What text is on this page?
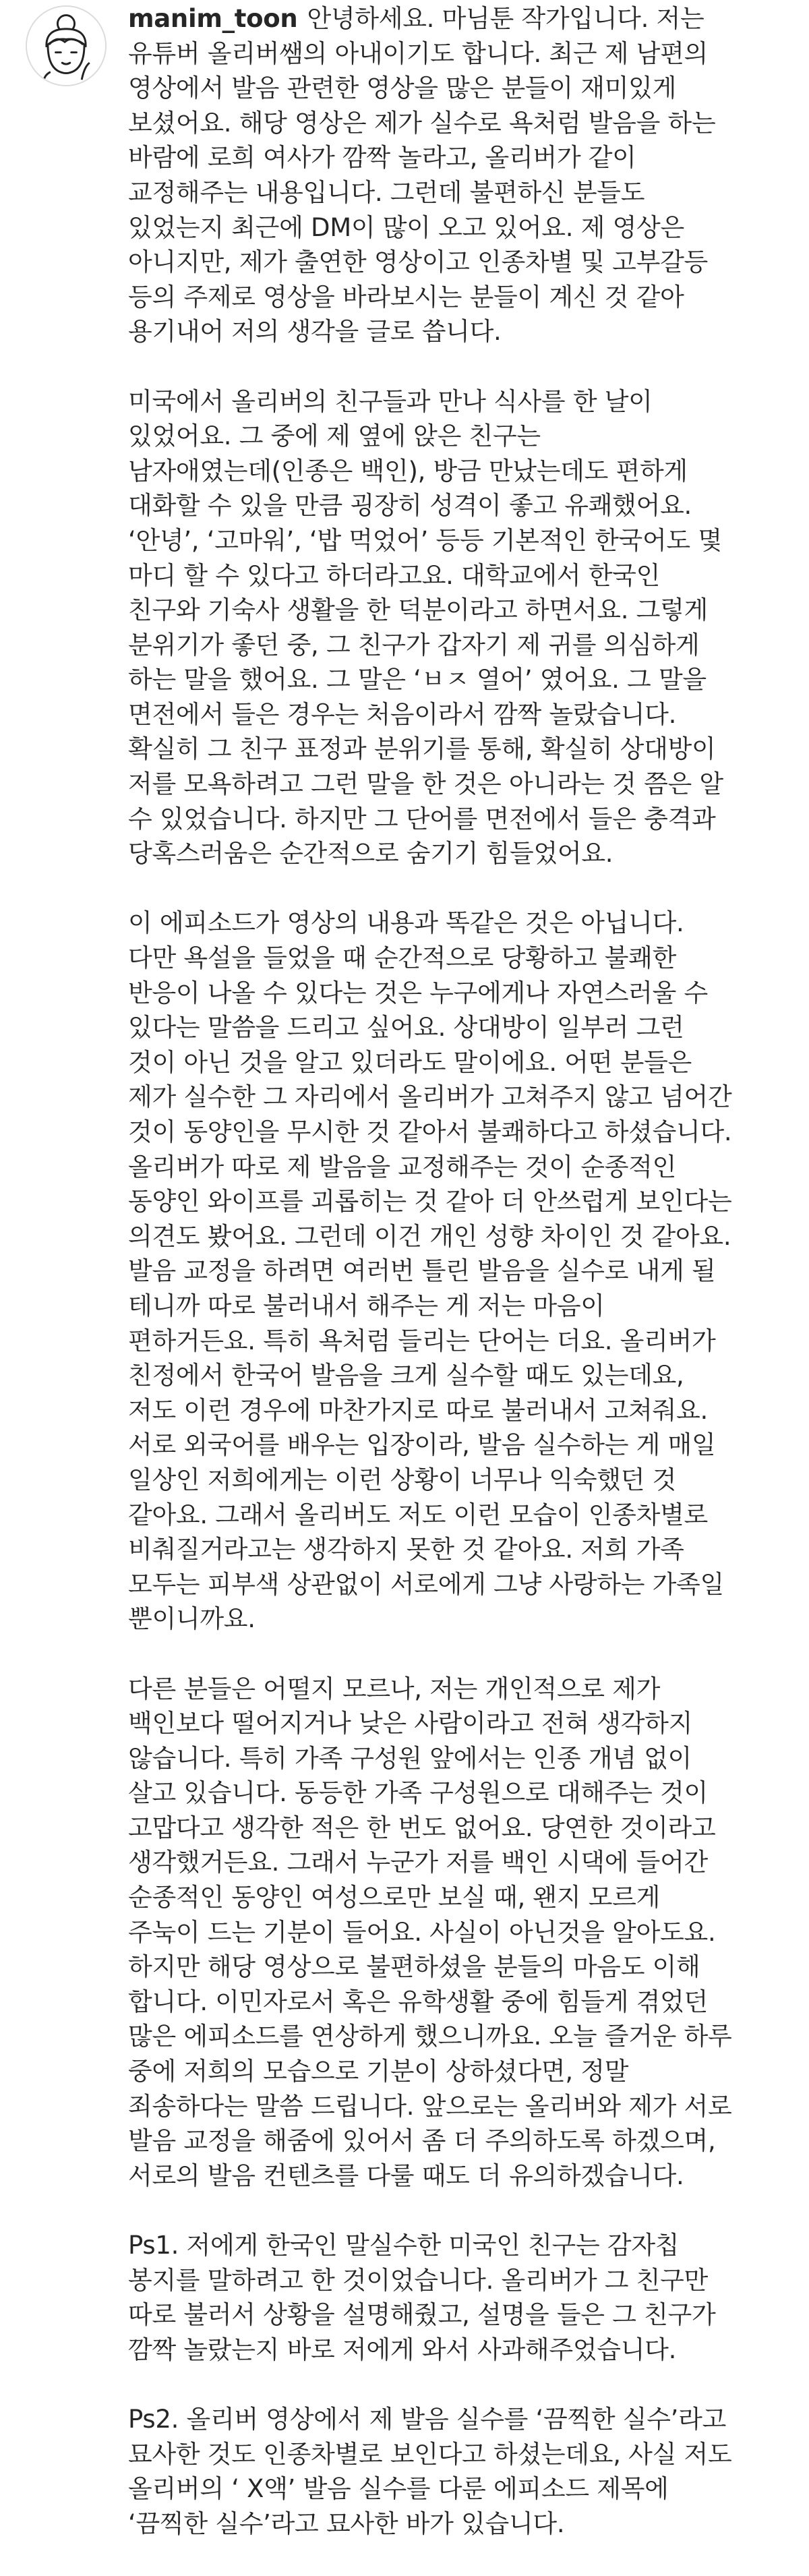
manim_toon 안녕하세요. 마님툰 작가입니다. 저는
유튜버 올리버쌤의 아내이기도 합니다. 최근 제 남편의
영상에서 발음 관련한 영상을 많은 분들이 재미있게
보셨어요. 해당 영상은 제가 실수로 욕처럼 발음을 하는
바람에 로희 여사가 깜짝 놀라고, 올리버가 같이
교정해주는 내용입니다. 그런데 불편하신 분들도
있었는지 최근에 DM이 많이 오고 있어요. 제 영상은
아니지만, 제가 출연한 영상이고 인종차별 및 고부갈등
등의 주제로 영상을 바라보시는 분들이 계신 것 같아
용기내어 저의 생각을 글로 씁니다.
미국에서 올리버의 친구들과 만나 식사를 한 날이
있었어요. 그 중에 제 옆에 앉은 친구는
남자애였는데(인종은 백인), 방금 만났는데도 편하게
대화할 수 있을 만큼 굉장히 성격이 좋고 유쾌했어요.
‘안녕’, ‘고마워’, ‘밥 먹었어’ 등등 기본적인 한국어도 몇
마디 할 수 있다고 하더라고요. 대학교에서 한국인
친구와 기숙사 생활을 한 덕분이라고 하면서요. 그렇게
분위기가 좋던 중, 그 친구가 갑자기 제 귀를 의심하게
하는 말을 했어요. 그 말은 ‘ㅂㅈ 열어’ 였어요. 그 말을
면전에서 들은 경우는 처음이라서 깜짝 놀랐습니다.
확실히 그 친구 표정과 분위기를 통해, 확실히 상대방이
저를 모욕하려고 그런 말을 한 것은 아니라는 것 쯤은 알
수 있었습니다. 하지만 그 단어를 면전에서 들은 충격과
당혹스러움은 순간적으로 숨기기 힘들었어요.
이 에피소드가 영상의 내용과 똑같은 것은 아닙니다.
다만 욕설을 들었을 때 순간적으로 당황하고 불쾌한
반응이 나올 수 있다는 것은 누구에게나 자연스러울 수
있다는 말씀을 드리고 싶어요. 상대방이 일부러 그런
것이 아닌 것을 알고 있더라도 말이에요. 어떤 분들은
제가 실수한 그 자리에서 올리버가 고쳐주지 않고 넘어간
것이 동양인을 무시한 것 같아서 불쾌하다고 하셨습니다.
올리버가 따로 제 발음을 교정해주는 것이 순종적인
동양인 와이프를 괴롭히는 것 같아 더 안쓰럽게 보인다는
의견도 봤어요. 그런데 이건 개인 성향 차이인 것 같아요.
발음 교정을 하려면 여러번 틀린 발음을 실수로 내게 될
테니까 따로 불러내서 해주는 게 저는 마음이
편하거든요. 특히 욕처럼 들리는 단어는 더요. 올리버가
친정에서 한국어 발음을 크게 실수할 때도 있는데요,
저도 이런 경우에 마찬가지로 따로 불러내서 고쳐줘요.
서로 외국어를 배우는 입장이라, 발음 실수하는 게 매일
일상인 저희에게는 이런 상황이 너무나 익숙했던 것
같아요. 그래서 올리버도 저도 이런 모습이 인종차별로
비춰질거라고는 생각하지 못한 것 같아요. 저희 가족
모두는 피부색 상관없이 서로에게 그냥 사랑하는 가족일
뿐이니까요.
다른 분들은 어떨지 모르나, 저는 개인적으로 제가
백인보다 떨어지거나 낮은 사람이라고 전혀 생각하지
않습니다. 특히 가족 구성원 앞에서는 인종 개념 없이
살고 있습니다. 동등한 가족 구성원으로 대해주는 것이
고맙다고 생각한 적은 한 번도 없어요. 당연한 것이라고
생각했거든요. 그래서 누군가 저를 백인 시댁에 들어간
순종적인 동양인 여성으로만 보실 때, 왠지 모르게
주눅이 드는 기분이 들어요. 사실이 아닌것을 알아도요.
하지만 해당 영상으로 불편하셨을 분들의 마음도 이해
합니다. 이민자로서 혹은 유학생활 중에 힘들게 겪었던
많은 에피소드를 연상하게 했으니까요. 오늘 즐거운 하루
중에 저희의 모습으로 기분이 상하셨다면, 정말
죄송하다는 말씀 드립니다. 앞으로는 올리버와 제가 서로
발음 교정을 해줌에 있어서 좀 더 주의하도록 하겠으며,
서로의 발음 컨텐츠를 다룰 때도 더 유의하겠습니다.
Ps1. 저에게 한국인 말실수한 미국인 친구는 감자칩
봉지를 말하려고 한 것이었습니다. 올리버가 그 친구만
따로 불러서 상황을 설명해줬고, 설명을 들은 그 친구가
깜짝 놀랐는지 바로 저에게 와서 사과해주었습니다.
Ps2. 올리버 영상에서 제 발음 실수를 ‘끔찍한 실수’라고
묘사한 것도 인종차별로 보인다고 하셨는데요, 사실 저도
올리버의 ‘ X액’ 발음 실수를 다룬 에피소드 제목에
‘끔찍한 실수’라고 묘사한 바가 있습니다.
